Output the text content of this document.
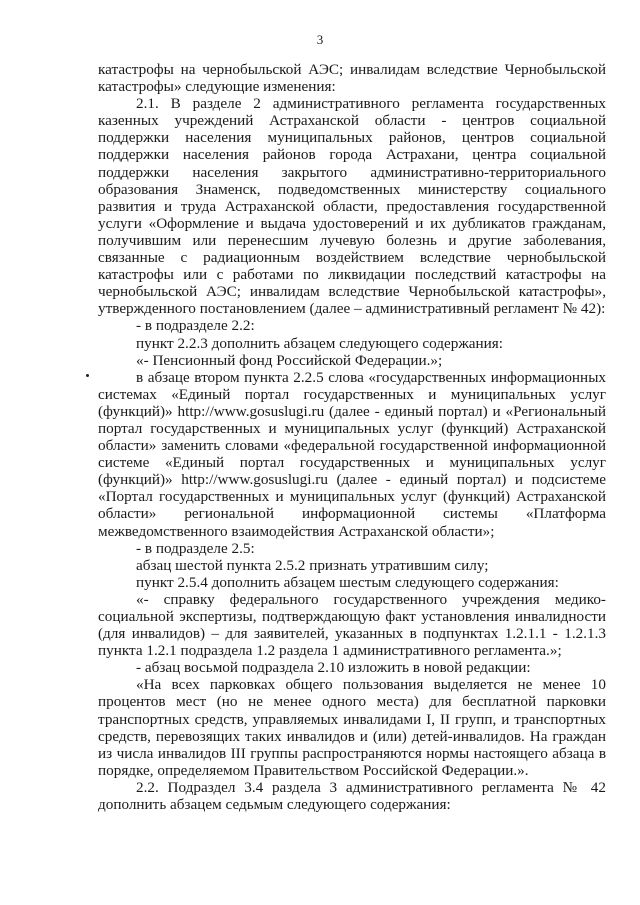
3

катастрофы на чернобыльской АЭС; инвалидам вследствие Чернобыльской катастрофы» следующие изменения:

2.1. В разделе 2 административного регламента государственных казенных учреждений Астраханской области - центров социальной поддержки населения муниципальных районов, центров социальной поддержки населения районов города Астрахани, центра социальной поддержки населения закрытого административно-территориального образования Знаменск, подведомственных министерству социального развития и труда Астраханской области, предоставления государственной услуги «Оформление и выдача удостоверений и их дубликатов гражданам, получившим или перенесшим лучевую болезнь и другие заболевания, связанные с радиационным воздействием вследствие чернобыльской катастрофы или с работами по ликвидации последствий катастрофы на чернобыльской АЭС; инвалидам вследствие Чернобыльской катастрофы», утвержденного постановлением (далее – административный регламент № 42):

- в подразделе 2.2:

пункт 2.2.3 дополнить абзацем следующего содержания:

«- Пенсионный фонд Российской Федерации.»;

в абзаце втором пункта 2.2.5 слова «государственных информационных системах «Единый портал государственных и муниципальных услуг (функций)» http://www.gosuslugi.ru (далее - единый портал) и «Региональный портал государственных и муниципальных услуг (функций) Астраханской области» заменить словами «федеральной государственной информационной системе «Единый портал государственных и муниципальных услуг (функций)» http://www.gosuslugi.ru (далее - единый портал) и подсистеме «Портал государственных и муниципальных услуг (функций) Астраханской области» региональной информационной системы «Платформа межведомственного взаимодействия Астраханской области»;

- в подразделе 2.5:

абзац шестой пункта 2.5.2 признать утратившим силу;

пункт 2.5.4 дополнить абзацем шестым следующего содержания:

«- справку федерального государственного учреждения медико-социальной экспертизы, подтверждающую факт установления инвалидности (для инвалидов) – для заявителей, указанных в подпунктах 1.2.1.1 - 1.2.1.3 пункта 1.2.1 подраздела 1.2 раздела 1 административного регламента.»;

- абзац восьмой подраздела 2.10 изложить в новой редакции:

«На всех парковках общего пользования выделяется не менее 10 процентов мест (но не менее одного места) для бесплатной парковки транспортных средств, управляемых инвалидами I, II групп, и транспортных средств, перевозящих таких инвалидов и (или) детей-инвалидов. На граждан из числа инвалидов III группы распространяются нормы настоящего абзаца в порядке, определяемом Правительством Российской Федерации.».

2.2. Подраздел 3.4 раздела 3 административного регламента № 42 дополнить абзацем седьмым следующего содержания:
